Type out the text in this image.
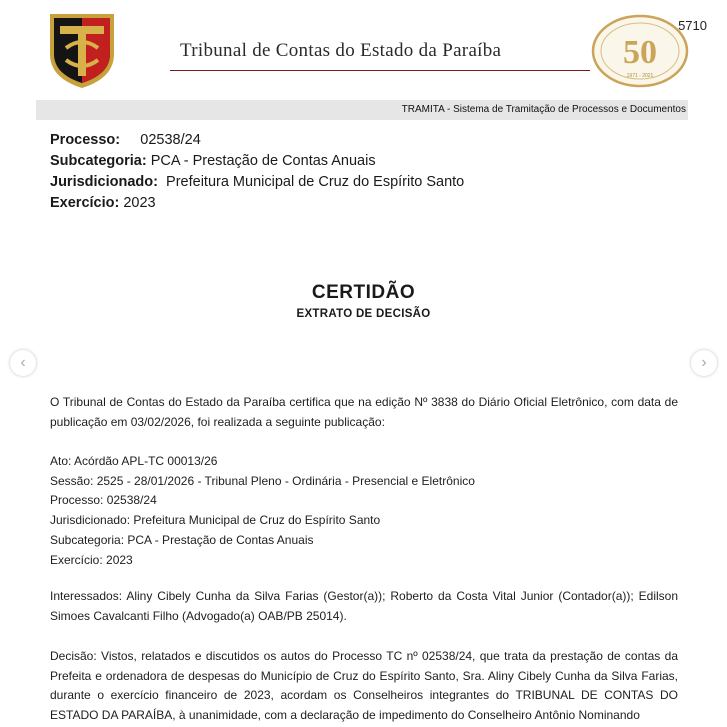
5710
Tribunal de Contas do Estado da Paraíba	50
1971 - 2021
TRAMITA - Sistema de Tramitação de Processos e Documentos
Processo: 02538/24
Subcategoria: PCA - Prestação de Contas Anuais
Jurisdicionado: Prefeitura Municipal de Cruz do Espírito Santo
Exercício: 2023
CERTIDÃO
EXTRATO DE DECISÃO
‹	›
O Tribunal de Contas do Estado da Paraíba certifica que na edição Nº 3838 do Diário Oficial Eletrônico, com data de publicação em 03/02/2026, foi realizada a seguinte publicação:
Ato: Acórdão APL-TC 00013/26
Sessão: 2525 - 28/01/2026 - Tribunal Pleno - Ordinária - Presencial e Eletrônico
Processo: 02538/24
Jurisdicionado: Prefeitura Municipal de Cruz do Espírito Santo
Subcategoria: PCA - Prestação de Contas Anuais
Exercício: 2023
Interessados: Aliny Cibely Cunha da Silva Farias (Gestor(a)); Roberto da Costa Vital Junior (Contador(a)); Edilson Simoes Cavalcanti Filho (Advogado(a) OAB/PB 25014).
Decisão: Vistos, relatados e discutidos os autos do Processo TC nº 02538/24, que trata da prestação de contas da Prefeita e ordenadora de despesas do Município de Cruz do Espírito Santo, Sra. Aliny Cibely Cunha da Silva Farias, durante o exercício financeiro de 2023, acordam os Conselheiros integrantes do TRIBUNAL DE CONTAS DO ESTADO DA PARAÍBA, à unanimidade, com a declaração de impedimento do Conselheiro Antônio Nominando
